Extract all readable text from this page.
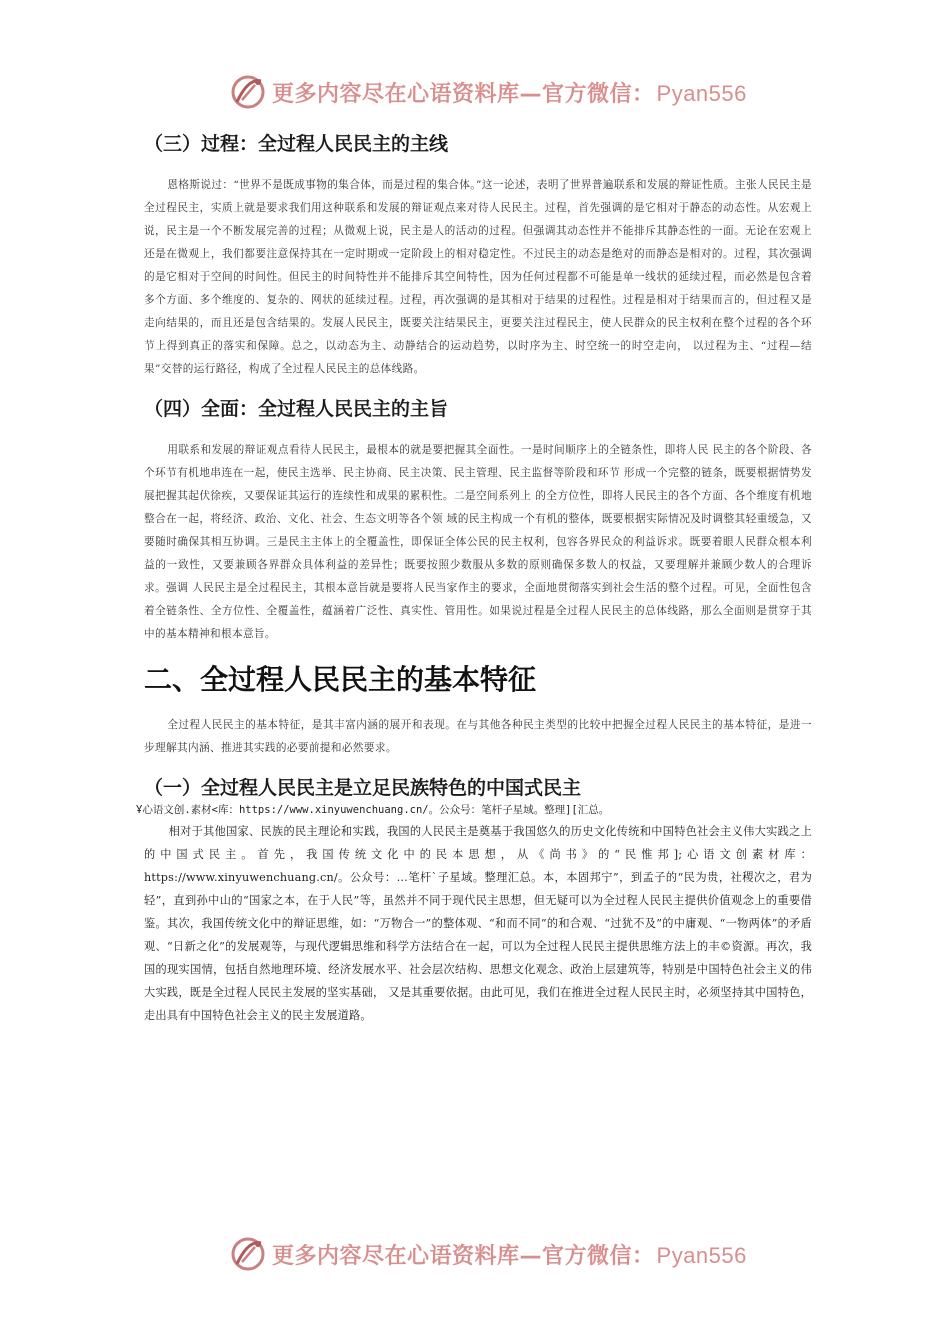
更多内容尽在心语资料库—官方微信：Pyan556
（三）过程：全过程人民民主的主线

恩格斯说过：“世界不是既成事物的集合体，而是过程的集合体。”这一论述，表明了世界普遍联系和发展的辩证性质。主张人民民主是全过程民主，实质上就是要求我们用这种联系和发展的辩证观点来对待人民民主。过程，首先强调的是它相对于静态的动态性。从宏观上说，民主是一个不断发展完善的过程；从微观上说，民主是人的活动的过程。但强调其动态性并不能排斥其静态性的一面。无论在宏观上还是在微观上，我们都要注意保持其在一定时期或一定阶段上的相对稳定性。不过民主的动态是绝对的而静态是相对的。过程，其次强调的是它相对于空间的时间性。但民主的时间特性并不能排斥其空间特性，因为任何过程都不可能是单一线状的延续过程，而必然是包含着多个方面、多个维度的、复杂的、网状的延续过程。过程，再次强调的是其相对于结果的过程性。过程是相对于结果而言的，但过程又是走向结果的，而且还是包含结果的。发展人民民主，既要关注结果民主，更要关注过程民主，使人民群众的民主权利在整个过程的各个环节上得到真正的落实和保障。总之，以动态为主、动静结合的运动趋势，以时序为主、时空统一的时空走向， 以过程为主、“过程—结果”交替的运行路径，构成了全过程人民民主的总体线路。

（四）全面：全过程人民民主的主旨

用联系和发展的辩证观点看待人民民主，最根本的就是要把握其全面性。一是时间顺序上的全链条性，即将人民 民主的各个阶段、各个环节有机地串连在一起，使民主选举、民主协商、民主决策、民主管理、民主监督等阶段和环节 形成一个完整的链条，既要根据情势发展把握其起伏徐疾，又要保证其运行的连续性和成果的累积性。二是空间系列上 的全方位性，即将人民民主的各个方面、各个维度有机地整合在一起，将经济、政治、文化、社会、生态文明等各个领 域的民主构成一个有机的整体，既要根据实际情况及时调整其轻重缓急，又要随时确保其相互协调。三是民主主体上的全覆盖性，即保证全体公民的民主权利，包容各界民众的利益诉求。既要着眼人民群众根本利益的一致性，又要兼顾各界群众具体利益的差异性；既要按照少数服从多数的原则确保多数人的权益，又要理解并兼顾少数人的合理诉求。强调 人民民主是全过程民主，其根本意旨就是要将人民当家作主的要求，全面地贯彻落实到社会生活的整个过程。可见，全面性包含着全链条性、全方位性、全覆盖性，蕴涵着广泛性、真实性、管用性。如果说过程是全过程人民民主的总体线路，那么全面则是贯穿于其中的基本精神和根本意旨。

二、全过程人民民主的基本特征

全过程人民民主的基本特征，是其丰富内涵的展开和表现。在与其他各种民主类型的比较中把握全过程人民民主的基本特征，是进一步理解其内涵、推进其实践的必要前提和必然要求。

（一）全过程人民民主是立足民族特色的中国式民主
Ұ心语文创.素材<库：https://www.xinyuwenchuang.cn/。公众号：笔杆子星域。整理][汇总。

相对于其他国家、民族的民主理论和实践，我国的人民民主是奠基于我国悠久的历史文化传统和中国特色社会主义伟大实践之上的中国式民主。首先，我国传统文化中的民本思想，从《尚书》的“民惟邦];心语文创素材库：https://www.xinyuwenchuang.cn/。公众号：…笔杆`子星域。整理汇总。本，本固邦宁”，到孟子的“民为贵，社稷次之，君为轻”，直到孙中山的“国家之本，在于人民”等，虽然并不同于现代民主思想，但无疑可以为全过程人民民主提供价值观念上的重要借鉴。其次，我国传统文化中的辩证思维，如：“万物合一”的整体观、“和而不同”的和合观、“过犹不及”的中庸观、“一物两体”的矛盾观、“日新之化”的发展观等，与现代逻辑思维和科学方法结合在一起，可以为全过程人民民主提供思维方法上的丰©资源。再次，我国的现实国情，包括自然地理环境、经济发展水平、社会层次结构、思想文化观念、政治上层建筑等，特别是中国特色社会主义的伟大实践，既是全过程人民民主发展的坚实基础， 又是其重要依据。由此可见，我们在推进全过程人民民主时，必须坚持其中国特色，走出具有中国特色社会主义的民主发展道路。

更多内容尽在心语资料库—官方微信：Pyan556
